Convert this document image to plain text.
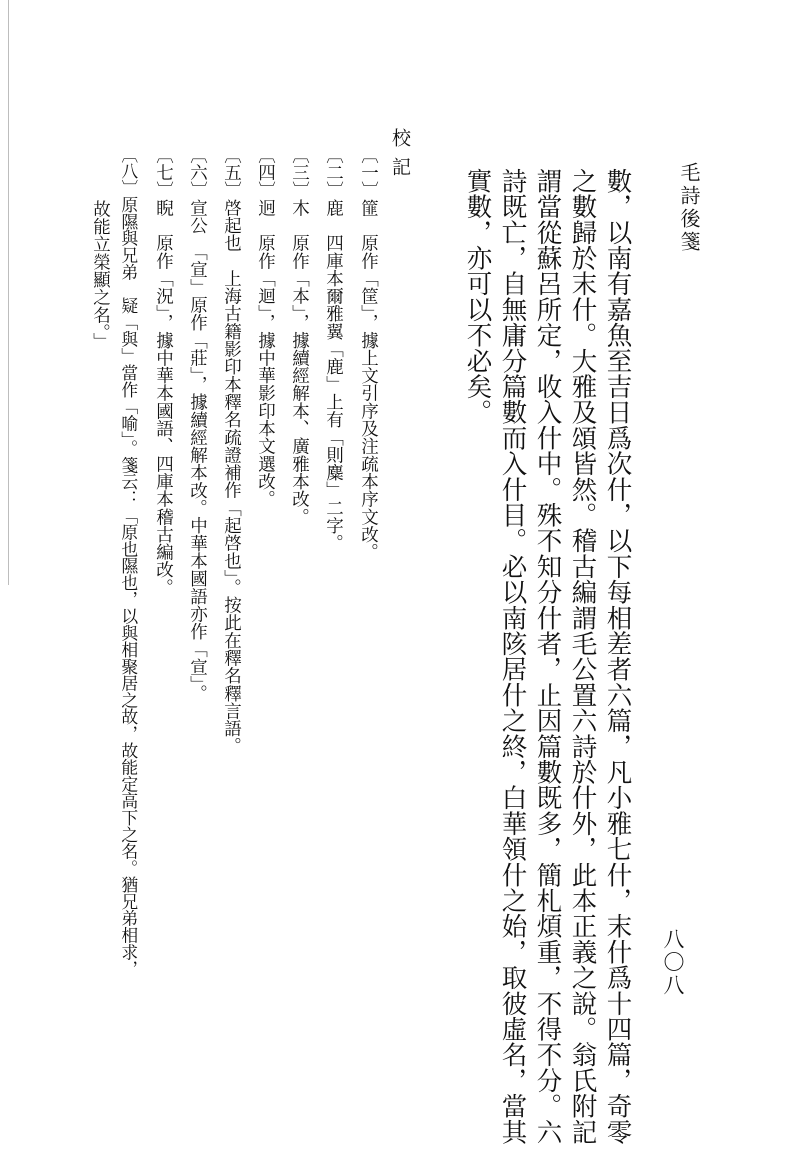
毛詩後箋
八〇八
數，以南有嘉魚至吉日爲次什，以下每相差者六篇，凡小雅七什，末什爲十四篇，奇零
之數歸於末什。大雅及頌皆然。稽古編謂毛公置六詩於什外，此本正義之說。翁氏附記
謂當從蘇呂所定，收入什中。殊不知分什者，止因篇數既多，簡札煩重，不得不分。六
詩既亡，自無庸分篇數而入什目。必以南陔居什之終，白華領什之始，取彼虛名，當其
實數，亦可以不必矣。
校記
〔一〕篚　原作「筐」，據上文引序及注疏本序文改。
〔二〕鹿　四庫本爾雅翼「鹿」上有「則麋」二字。
〔三〕木　原作「本」，據續經解本、廣雅本改。
〔四〕迥　原作「迴」，據中華影印本文選改。
〔五〕啓起也　上海古籍影印本釋名疏證補作「起啓也」。按此在釋名釋言語。
〔六〕宣公　「宣」原作「莊」，據續經解本改。中華本國語亦作「宣」。
〔七〕睨　原作「況」，據中華本國語、四庫本稽古編改。
〔八〕原隰與兄弟　疑「與」當作「喻」。箋云：「原也隰也，以與相聚居之故，故能定高下之名。猶兄弟相求，
故能立榮顯之名。」
